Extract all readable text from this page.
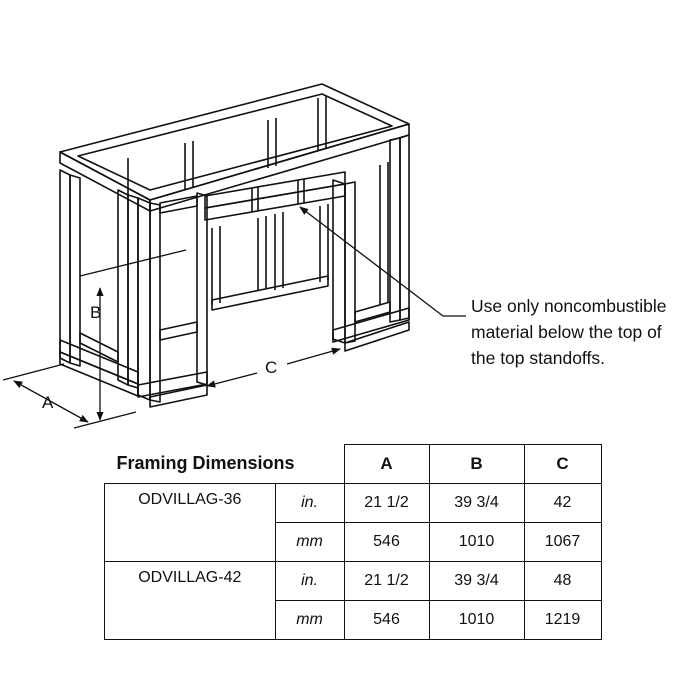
B
A
C
Use only noncombustible
material below the top of
the top standoffs.
Framing Dimensions		A	B	C
ODVILLAG-36	in.	21 1/2	39 3/4	42
	mm	546	1010	1067
ODVILLAG-42	in.	21 1/2	39 3/4	48
	mm	546	1010	1219
